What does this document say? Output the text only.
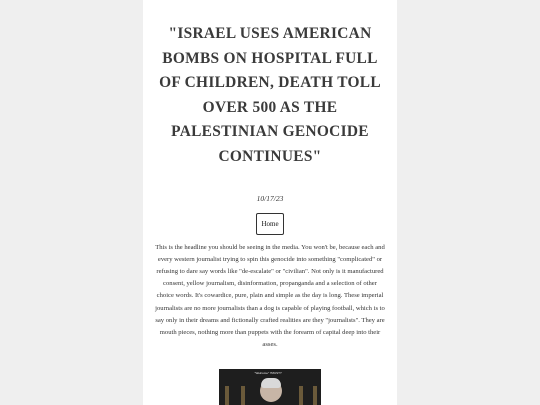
"ISRAEL USES AMERICAN BOMBS ON HOSPITAL FULL OF CHILDREN, DEATH TOLL OVER 500 AS THE PALESTINIAN GENOCIDE CONTINUES"
10/17/23
Home
This is the headline you should be seeing in the media. You won't be, because each and every western journalist trying to spin this genocide into something "complicated" or refusing to dare say words like "de-escalate" or "civilian". Not only is it manufactured consent, yellow journalism, disinformation, propanganda and a selection of other choice words. It's cowardice, pure, plain and simple as the day is long. These imperial journalists are no more journalists than a dog is capable of playing football, which is to say only in their dreams and fictionally crafted realities are they "journalists". They are mouth pieces, nothing more than puppets with the forearm of capital deep into their asses.
"Welcome" ?MUST?
